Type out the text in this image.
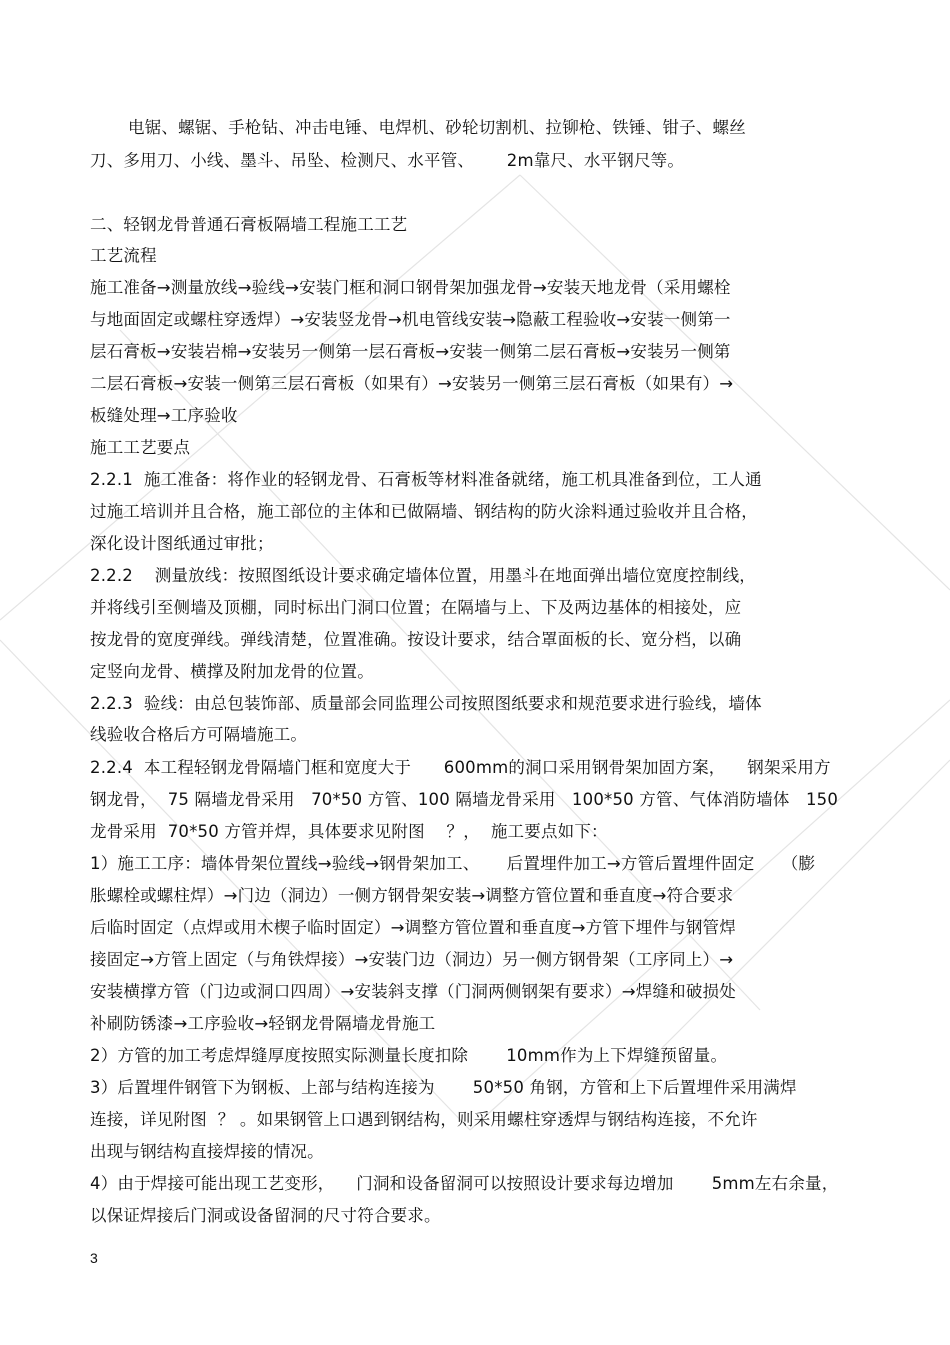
电锯、螺锯、手枪钻、冲击电锤、电焊机、砂轮切割机、拉铆枪、铁锤、钳子、螺丝
刀、多用刀、小线、墨斗、吊坠、检测尺、水平管、      2m靠尺、水平钢尺等。
二、轻钢龙骨普通石膏板隔墙工程施工工艺
工艺流程
施工准备→测量放线→验线→安装门框和洞口钢骨架加强龙骨→安装天地龙骨（采用螺栓
与地面固定或螺柱穿透焊）→安装竖龙骨→机电管线安装→隐蔽工程验收→安装一侧第一
层石膏板→安装岩棉→安装另一侧第一层石膏板→安装一侧第二层石膏板→安装另一侧第
二层石膏板→安装一侧第三层石膏板（如果有）→安装另一侧第三层石膏板（如果有）→
板缝处理→工序验收
施工工艺要点
2.2.1  施工准备：将作业的轻钢龙骨、石膏板等材料准备就绪，施工机具准备到位，工人通
过施工培训并且合格，施工部位的主体和已做隔墙、钢结构的防火涂料通过验收并且合格，
深化设计图纸通过审批；
2.2.2    测量放线：按照图纸设计要求确定墙体位置，用墨斗在地面弹出墙位宽度控制线，
并将线引至侧墙及顶棚，同时标出门洞口位置；在隔墙与上、下及两边基体的相接处，应
按龙骨的宽度弹线。弹线清楚，位置准确。按设计要求，结合罩面板的长、宽分档，以确
定竖向龙骨、横撑及附加龙骨的位置。
2.2.3  验线：由总包装饰部、质量部会同监理公司按照图纸要求和规范要求进行验线，墙体
线验收合格后方可隔墙施工。
2.2.4  本工程轻钢龙骨隔墙门框和宽度大于      600mm的洞口采用钢骨架加固方案，    钢架采用方
钢龙骨，  75 隔墙龙骨采用   70*50 方管、100 隔墙龙骨采用   100*50 方管、气体消防墙体   150
龙骨采用  70*50 方管并焊，具体要求见附图    ？，  施工要点如下：
1）施工工序：墙体骨架位置线→验线→钢骨架加工、     后置埋件加工→方管后置埋件固定     （膨
胀螺栓或螺柱焊）→门边（洞边）一侧方钢骨架安装→调整方管位置和垂直度→符合要求
后临时固定（点焊或用木楔子临时固定）→调整方管位置和垂直度→方管下埋件与钢管焊
接固定→方管上固定（与角铁焊接）→安装门边（洞边）另一侧方钢骨架（工序同上）→
安装横撑方管（门边或洞口四周）→安装斜支撑（门洞两侧钢架有要求）→焊缝和破损处
补刷防锈漆→工序验收→轻钢龙骨隔墙龙骨施工
2）方管的加工考虑焊缝厚度按照实际测量长度扣除       10mm作为上下焊缝预留量。
3）后置埋件钢管下为钢板、上部与结构连接为       50*50 角钢，方管和上下后置埋件采用满焊
连接，详见附图  ？ 。如果钢管上口遇到钢结构，则采用螺柱穿透焊与钢结构连接，不允许
出现与钢结构直接焊接的情况。
4）由于焊接可能出现工艺变形，    门洞和设备留洞可以按照设计要求每边增加       5mm左右余量，
以保证焊接后门洞或设备留洞的尺寸符合要求。
3
